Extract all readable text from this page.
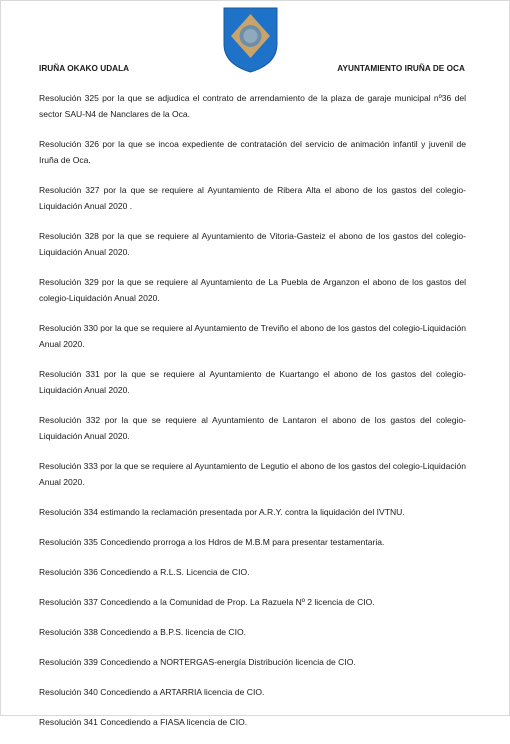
IRUÑA OKAKO UDALA	AYUNTAMIENTO IRUÑA DE OCA

Resolución 325 por la que se adjudica el contrato de arrendamiento de la plaza de garaje municipal nº36 del sector SAU-N4 de Nanclares de la Oca.

Resolución 326 por la que se incoa expediente de contratación del servicio de animación infantil y juvenil de Iruña de Oca.

Resolución 327 por la que se requiere al Ayuntamiento de Ribera Alta el abono de los gastos del colegio-Liquidación Anual 2020 .

Resolución 328 por la que se requiere al Ayuntamiento de Vitoria-Gasteiz el abono de los gastos del colegio-Liquidación Anual 2020.

Resolución 329 por la que se requiere al Ayuntamiento de La Puebla de Arganzon el abono de los gastos del colegio-Liquidación Anual 2020.

Resolución 330 por la que se requiere al Ayuntamiento de Treviño el abono de los gastos del colegio-Liquidación Anual 2020.

Resolución 331 por la que se requiere al Ayuntamiento de Kuartango el abono de los gastos del colegio-Liquidación Anual 2020.

Resolución 332 por la que se requiere al Ayuntamiento de Lantaron el abono de los gastos del colegio-Liquidación Anual 2020.

Resolución 333 por la que se requiere al Ayuntamiento de Legutio el abono de los gastos del colegio-Liquidación Anual 2020.

Resolución 334 estimando la reclamación presentada por A.R.Y. contra la liquidación del IVTNU.

Resolución 335 Concediendo prorroga a los Hdros de M.B.M para presentar testamentaria.

Resolución 336 Concediendo a R.L.S. Licencia de CIO.

Resolución 337 Concediendo a la Comunidad de Prop. La Razuela Nº 2 licencia de CIO.

Resolución 338 Concediendo a B.P.S. licencia de CIO.

Resolución 339 Concediendo a NORTERGAS-energía Distribución licencia de CIO.

Resolución 340 Concediendo a ARTARRIA licencia de CIO.

Resolución 341 Concediendo a FIASA licencia de CIO.
